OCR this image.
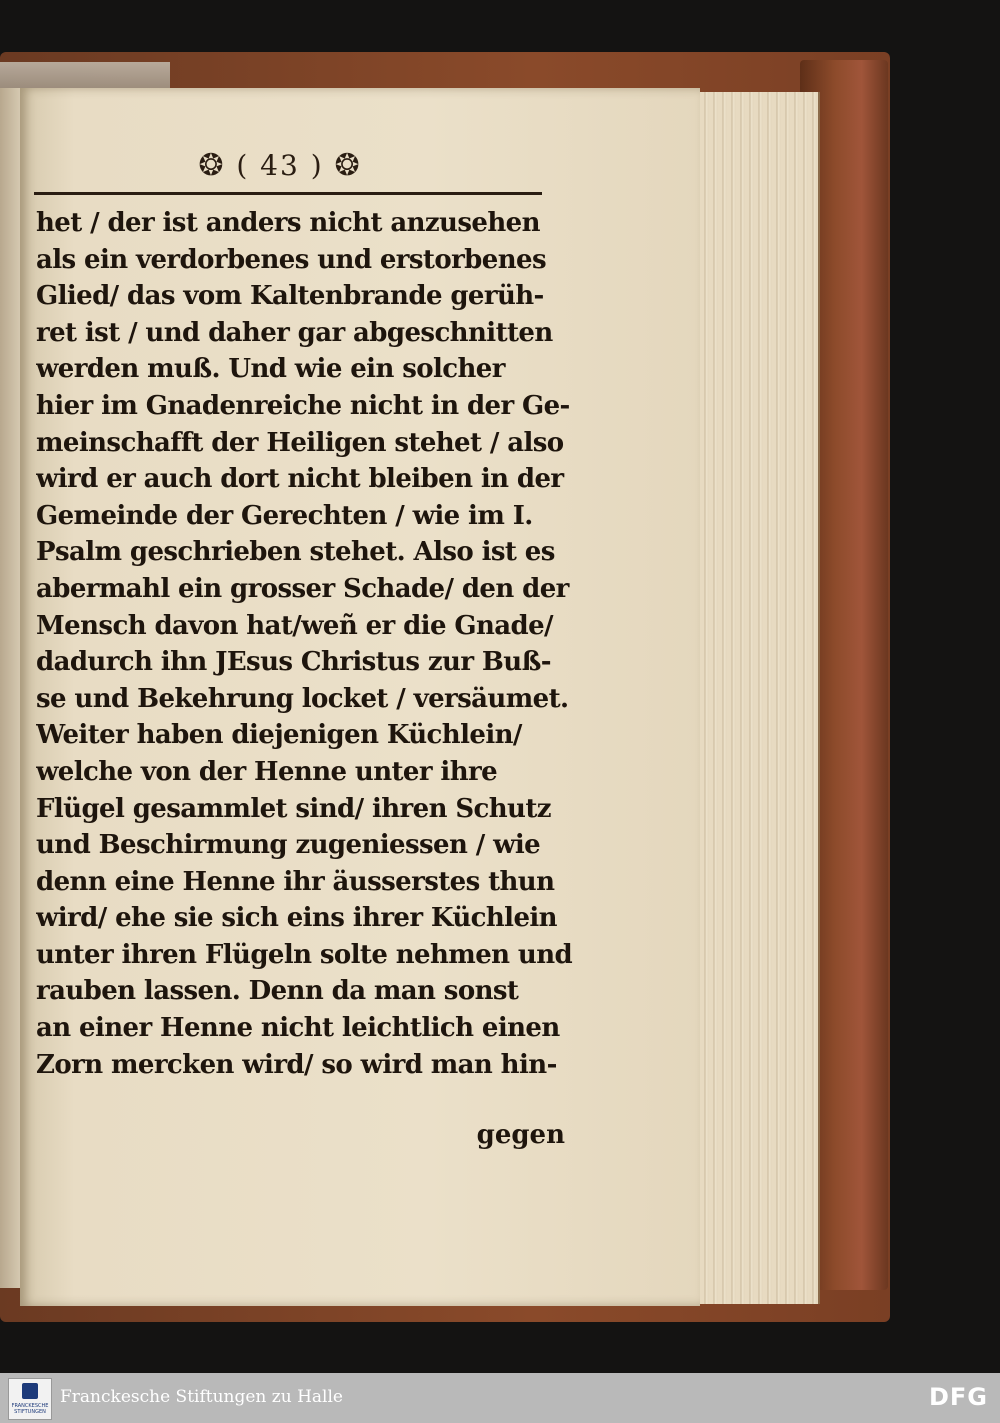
❂ ( 43 ) ❂
het / der ist anders nicht anzusehen
als ein verdorbenes und erstorbenes
Glied/ das vom Kaltenbrande gerüh-
ret ist / und daher gar abgeschnitten
werden muß. Und wie ein solcher
hier im Gnadenreiche nicht in der Ge-
meinschafft der Heiligen stehet / also
wird er auch dort nicht bleiben in der
Gemeinde der Gerechten / wie im I.
Psalm geschrieben stehet. Also ist es
abermahl ein grosser Schade/ den der
Mensch davon hat/weñ er die Gnade/
dadurch ihn JEsus Christus zur Buß-
se und Bekehrung locket / versäumet.
Weiter haben diejenigen Küchlein/
welche von der Henne unter ihre
Flügel gesammlet sind/ ihren Schutz
und Beschirmung zugeniessen / wie
denn eine Henne ihr äusserstes thun
wird/ ehe sie sich eins ihrer Küchlein
unter ihren Flügeln solte nehmen und
rauben lassen. Denn da man sonst
an einer Henne nicht leichtlich einen
Zorn mercken wird/ so wird man hin-
gegen
FRANCKESCHE STIFTUNGEN
Franckesche Stiftungen zu Halle	DFG
